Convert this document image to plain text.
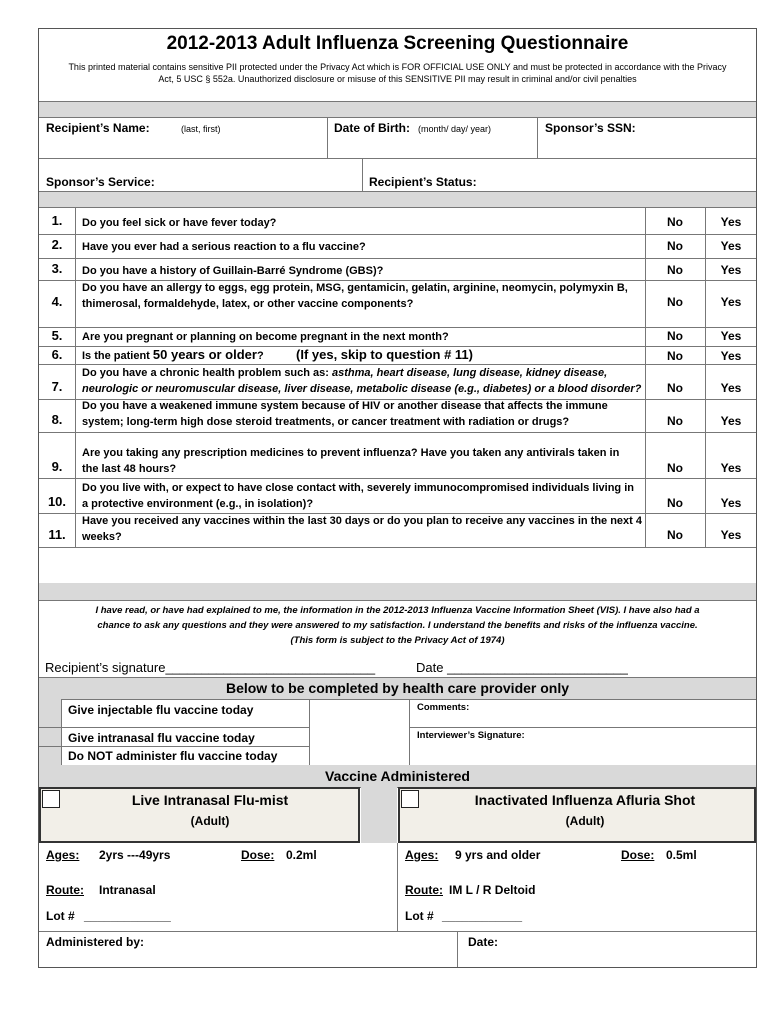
2012-2013 Adult Influenza Screening Questionnaire
This printed material contains sensitive PII protected under the Privacy Act which is FOR OFFICIAL USE ONLY and must be protected in accordance with the Privacy
Act, 5 USC § 552a. Unauthorized disclosure or misuse of this SENSITIVE PII may result in criminal and/or civil penalties
Recipient’s Name:	(last, first)	Date of Birth: (month/ day/ year)	Sponsor’s SSN:
Sponsor’s Service:	Recipient’s Status:
1.	Do you feel sick or have fever today?	No	Yes
2.	Have you ever had a serious reaction to a flu vaccine?	No	Yes
3.	Do you have a history of Guillain-Barré Syndrome (GBS)?	No	Yes
4.
Do you have an allergy to eggs, egg protein, MSG, gentamicin, gelatin, arginine, neomycin, polymyxin B,
thimerosal, formaldehyde, latex, or other vaccine components?	No	Yes
5.	Are you pregnant or planning on become pregnant in the next month?	No	Yes
6.	Is the patient 50 years or older? (If yes, skip to question # 11)	No	Yes
7.
Do you have a chronic health problem such as: asthma, heart disease, lung disease, kidney disease,
neurologic or neuromuscular disease, liver disease, metabolic disease (e.g., diabetes) or a blood disorder?	No	Yes
8.
Do you have a weakened immune system because of HIV or another disease that affects the immune
system; long-term high dose steroid treatments, or cancer treatment with radiation or drugs?	No	Yes
9.
Are you taking any prescription medicines to prevent influenza? Have you taken any antivirals taken in
the last 48 hours?	No	Yes
10.
Do you live with, or expect to have close contact with, severely immunocompromised individuals living in
a protective environment (e.g., in isolation)?	No	Yes
11.
Have you received any vaccines within the last 30 days or do you plan to receive any vaccines in the next 4
weeks?	No	Yes
I have read, or have had explained to me, the information in the 2012-2013 Influenza Vaccine Information Sheet (VIS). I have also had a
chance to ask any questions and they were answered to my satisfaction. I understand the benefits and risks of the influenza vaccine.
(This form is subject to the Privacy Act of 1974)
Recipient’s signature_____________________________	Date _________________________
Below to be completed by health care provider only
Give injectable flu vaccine today
Give intranasal flu vaccine today
Do NOT administer flu vaccine today
Comments:
Interviewer’s Signature:
Vaccine Administered
Live Intranasal Flu-mist
(Adult)
Inactivated Influenza Afluria Shot
(Adult)
Ages: 2yrs ---49yrs	Dose: 0.2ml
Route: Intranasal
Lot # _____________
Ages: 9 yrs and older	Dose: 0.5ml
Route: IM L / R Deltoid
Lot # ____________
Administered by:	Date:
